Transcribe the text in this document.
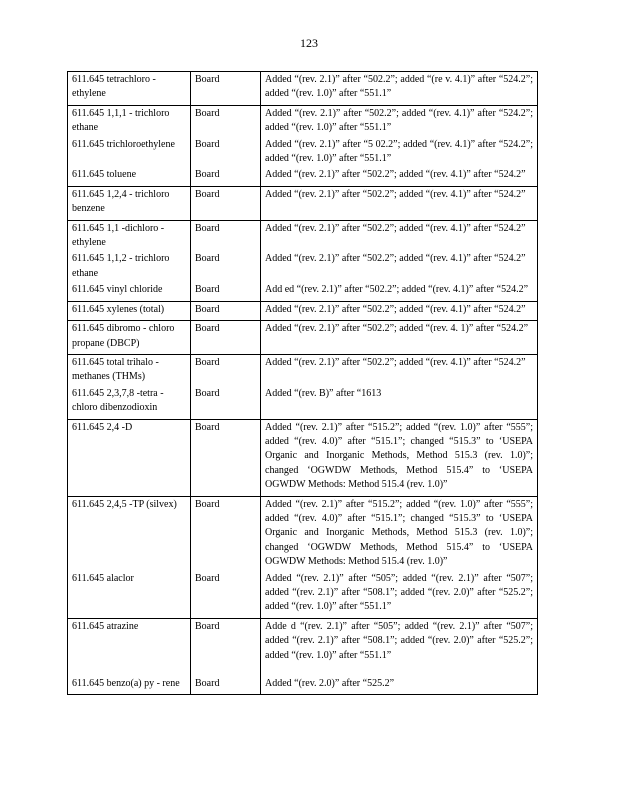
123
611.645 tetrachloro - ethylene	Board	Added “(rev. 2.1)” after “502.2”; added “(re v. 4.1)” after “524.2”; added “(rev. 1.0)” after “551.1”
611.645 1,1,1 - trichloro ethane	Board	Added “(rev. 2.1)” after “502.2”; added “(rev. 4.1)” after “524.2”; added “(rev. 1.0)” after “551.1”
611.645 trichloroethylene	Board	Added “(rev. 2.1)” after “5 02.2”; added “(rev. 4.1)” after “524.2”; added “(rev. 1.0)” after “551.1”
611.645 toluene	Board	Added “(rev. 2.1)” after “502.2”; added “(rev. 4.1)” after “524.2”
611.645 1,2,4 - trichloro benzene	Board	Added “(rev. 2.1)” after “502.2”; added “(rev. 4.1)” after “524.2”
611.645 1,1 -dichloro - ethylene	Board	Added “(rev. 2.1)” after “502.2”; added “(rev. 4.1)” after “524.2”
611.645 1,1,2 - trichloro ethane	Board	Added “(rev. 2.1)” after “502.2”; added “(rev. 4.1)” after “524.2”
611.645 vinyl chloride	Board	Add ed “(rev. 2.1)” after “502.2”; added “(rev. 4.1)” after “524.2”
611.645 xylenes (total)	Board	Added “(rev. 2.1)” after “502.2”; added “(rev. 4.1)” after “524.2”
611.645 dibromo - chloro propane (DBCP)	Board	Added “(rev. 2.1)” after “502.2”; added “(rev. 4. 1)” after “524.2”
611.645 total trihalo - methanes (THMs)	Board	Added “(rev. 2.1)” after “502.2”; added “(rev. 4.1)” after “524.2”
611.645 2,3,7,8 -tetra - chloro dibenzodioxin	Board	Added “(rev. B)” after “1613
611.645 2,4 -D	Board	Added “(rev. 2.1)” after “515.2”; added “(rev. 1.0)” after “555”; added “(rev. 4.0)” after “515.1”; changed “515.3” to ‘USEPA Organic and Inorganic Methods, Method 515.3 (rev. 1.0)”; changed ‘OGWDW Methods, Method 515.4” to ‘USEPA OGWDW Methods: Method 515.4 (rev. 1.0)”
611.645 2,4,5 -TP (silvex)	Board	Added “(rev. 2.1)” after “515.2”; added “(rev. 1.0)” after “555”; added “(rev. 4.0)” after “515.1”; changed “515.3” to ‘USEPA Organic and Inorganic Methods, Method 515.3 (rev. 1.0)”; changed ‘OGWDW Methods, Method 515.4” to ‘USEPA OGWDW Methods: Method 515.4 (rev. 1.0)”
611.645 alaclor	Board	Added “(rev. 2.1)” after “505”; added “(rev. 2.1)” after “507”; added “(rev. 2.1)” after “508.1”; added “(rev. 2.0)” after “525.2”; added “(rev. 1.0)” after “551.1”
611.645 atrazine	Board	Adde d “(rev. 2.1)” after “505”; added “(rev. 2.1)” after “507”; added “(rev. 2.1)” after “508.1”; added “(rev. 2.0)” after “525.2”; added “(rev. 1.0)” after “551.1”
611.645 benzo(a) py - rene	Board	Added “(rev. 2.0)” after “525.2”
